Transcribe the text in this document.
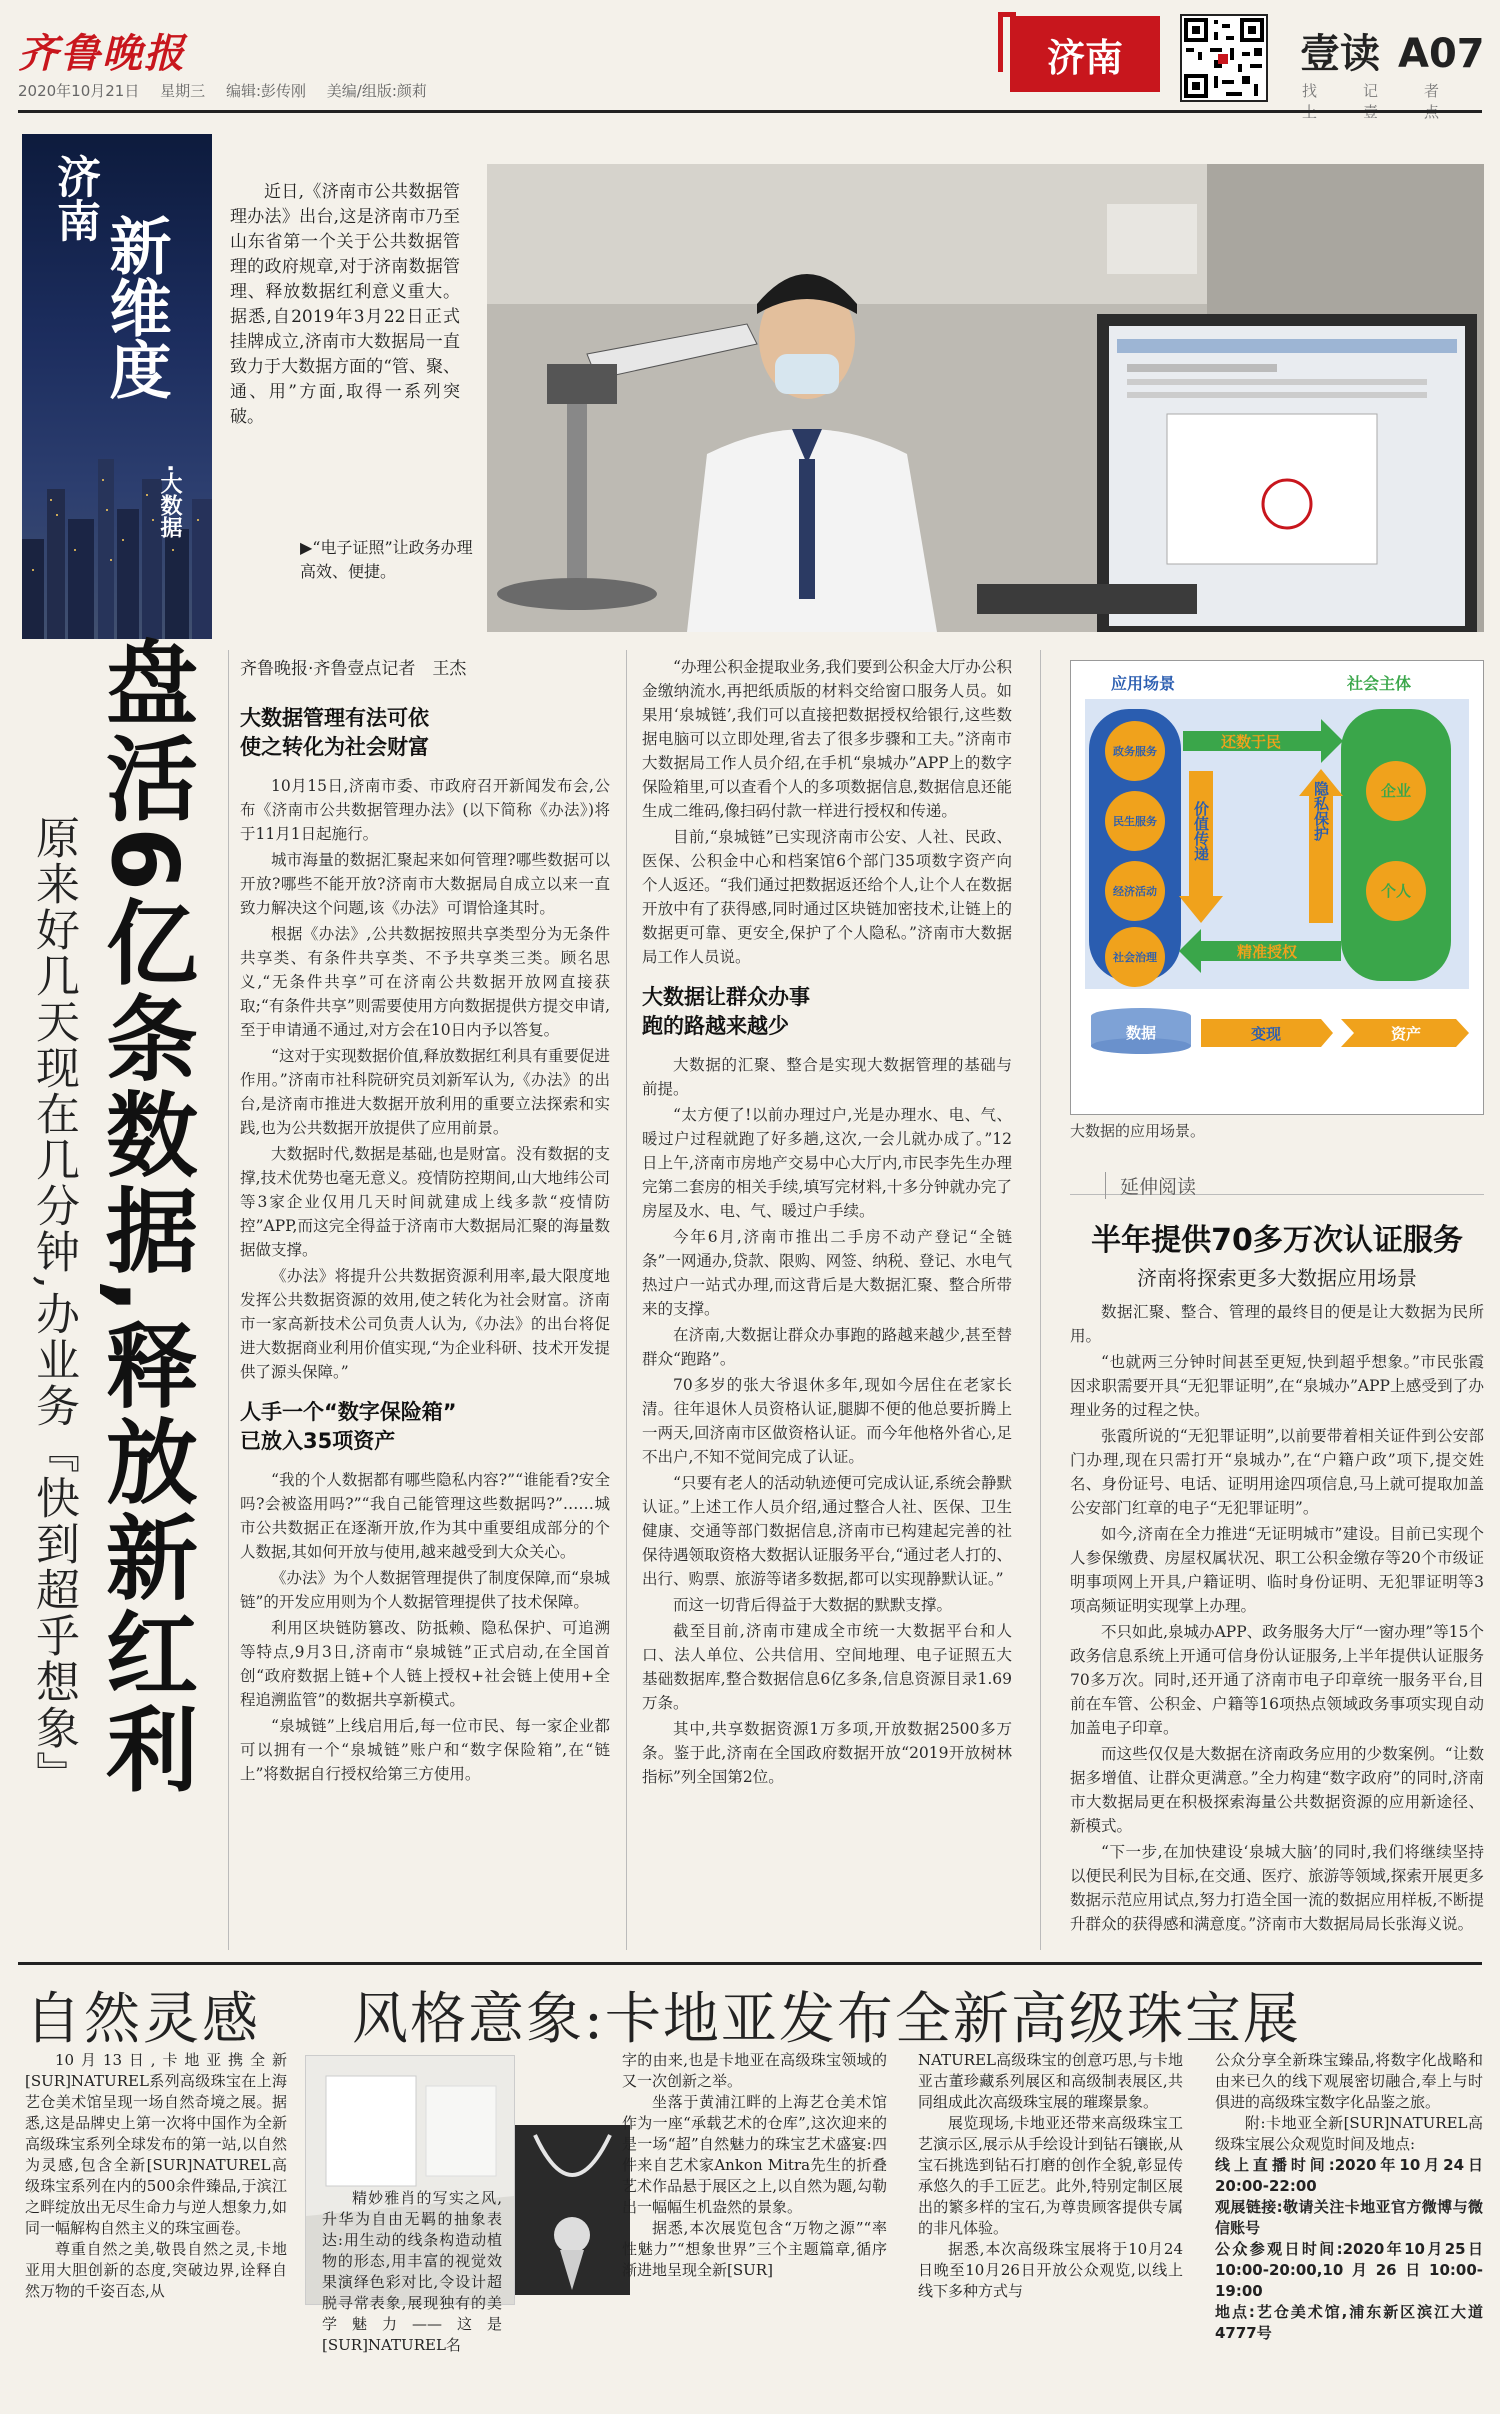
齐鲁晚报
2020年10月21日 星期三 编辑:彭传刚 美编/组版:颜莉
济南	壹读 A07
找	记	者
济南
新维度
·大数据

近日,《济南市公共数据管理办法》出台,这是济南市乃至山东省第一个关于公共数据管理的政府规章,对于济南数据管理、释放数据红利意义重大。据悉,自2019年3月22日正式挂牌成立,济南市大数据局一直致力于大数据方面的“管、聚、通、用”方面,取得一系列突破。

▶“电子证照”让政务办理高效、便捷。
盘活6亿条数据,释放新红利
原来好几天现在几分钟,办业务『快到超乎想象』
齐鲁晚报·齐鲁壹点记者　王杰
大数据管理有法可依
使之转化为社会财富

10月15日,济南市委、市政府召开新闻发布会,公布《济南市公共数据管理办法》(以下简称《办法》)将于11月1日起施行。

城市海量的数据汇聚起来如何管理?哪些数据可以开放?哪些不能开放?济南市大数据局自成立以来一直致力解决这个问题,该《办法》可谓恰逢其时。

根据《办法》,公共数据按照共享类型分为无条件共享类、有条件共享类、不予共享类三类。顾名思义,“无条件共享”可在济南公共数据开放网直接获取;“有条件共享”则需要使用方向数据提供方提交申请,至于申请通不通过,对方会在10日内予以答复。

“这对于实现数据价值,释放数据红利具有重要促进作用。”济南市社科院研究员刘新军认为,《办法》的出台,是济南市推进大数据开放利用的重要立法探索和实践,也为公共数据开放提供了应用前景。

大数据时代,数据是基础,也是财富。没有数据的支撑,技术优势也毫无意义。疫情防控期间,山大地纬公司等3家企业仅用几天时间就建成上线多款“疫情防控”APP,而这完全得益于济南市大数据局汇聚的海量数据做支撑。

《办法》将提升公共数据资源利用率,最大限度地发挥公共数据资源的效用,使之转化为社会财富。济南市一家高新技术公司负责人认为,《办法》的出台将促进大数据商业利用价值实现,“为企业科研、技术开发提供了源头保障。”

人手一个“数字保险箱”
已放入35项资产

“我的个人数据都有哪些隐私内容?”“谁能看?安全吗?会被盗用吗?”“我自己能管理这些数据吗?”……城市公共数据正在逐渐开放,作为其中重要组成部分的个人数据,其如何开放与使用,越来越受到大众关心。

《办法》为个人数据管理提供了制度保障,而“泉城链”的开发应用则为个人数据管理提供了技术保障。

利用区块链防篡改、防抵赖、隐私保护、可追溯等特点,9月3日,济南市“泉城链”正式启动,在全国首创“政府数据上链+个人链上授权+社会链上使用+全程追溯监管”的数据共享新模式。

“泉城链”上线启用后,每一位市民、每一家企业都可以拥有一个“泉城链”账户和“数字保险箱”,在“链上”将数据自行授权给第三方使用。

“办理公积金提取业务,我们要到公积金大厅办公积金缴纳流水,再把纸质版的材料交给窗口服务人员。如果用‘泉城链’,我们可以直接把数据授权给银行,这些数据电脑可以立即处理,省去了很多步骤和工夫。”济南市大数据局工作人员介绍,在手机“泉城办”APP上的数字保险箱里,可以查看个人的多项数据信息,数据信息还能生成二维码,像扫码付款一样进行授权和传递。

目前,“泉城链”已实现济南市公安、人社、民政、医保、公积金中心和档案馆6个部门35项数字资产向个人返还。“我们通过把数据返还给个人,让个人在数据开放中有了获得感,同时通过区块链加密技术,让链上的数据更可靠、更安全,保护了个人隐私。”济南市大数据局工作人员说。

大数据让群众办事
跑的路越来越少

大数据的汇聚、整合是实现大数据管理的基础与前提。

“太方便了!以前办理过户,光是办理水、电、气、暖过户过程就跑了好多趟,这次,一会儿就办成了。”12日上午,济南市房地产交易中心大厅内,市民李先生办理完第二套房的相关手续,填写完材料,十多分钟就办完了房屋及水、电、气、暖过户手续。

今年6月,济南市推出二手房不动产登记“全链条”一网通办,贷款、限购、网签、纳税、登记、水电气热过户一站式办理,而这背后是大数据汇聚、整合所带来的支撑。

在济南,大数据让群众办事跑的路越来越少,甚至替群众“跑路”。

70多岁的张大爷退休多年,现如今居住在老家长清。往年退休人员资格认证,腿脚不便的他总要折腾上一两天,回济南市区做资格认证。而今年他格外省心,足不出户,不知不觉间完成了认证。

“只要有老人的活动轨迹便可完成认证,系统会静默认证。”上述工作人员介绍,通过整合人社、医保、卫生健康、交通等部门数据信息,济南市已构建起完善的社保待遇领取资格大数据认证服务平台,“通过老人打的、出行、购票、旅游等诸多数据,都可以实现静默认证。”

而这一切背后得益于大数据的默默支撑。

截至目前,济南市建成全市统一大数据平台和人口、法人单位、公共信用、空间地理、电子证照五大基础数据库,整合数据信息6亿多条,信息资源目录1.69万条。

其中,共享数据资源1万多项,开放数据2500多万条。鉴于此,济南在全国政府数据开放“2019开放树林指标”列全国第2位。

应用场景	社会主体
政务服务
民生服务
经济活动
社会治理
企业
个人
还数于民
精准授权
价值传递	隐私保护
数据	变现	资产
大数据的应用场景。
延伸阅读
半年提供70多万次认证服务
济南将探索更多大数据应用场景

数据汇聚、整合、管理的最终目的便是让大数据为民所用。

“也就两三分钟时间甚至更短,快到超乎想象。”市民张霞因求职需要开具“无犯罪证明”,在“泉城办”APP上感受到了办理业务的过程之快。

张霞所说的“无犯罪证明”,以前要带着相关证件到公安部门办理,现在只需打开“泉城办”,在“户籍户政”项下,提交姓名、身份证号、电话、证明用途四项信息,马上就可提取加盖公安部门红章的电子“无犯罪证明”。

如今,济南在全力推进“无证明城市”建设。目前已实现个人参保缴费、房屋权属状况、职工公积金缴存等20个市级证明事项网上开具,户籍证明、临时身份证明、无犯罪证明等3项高频证明实现掌上办理。

不只如此,泉城办APP、政务服务大厅“一窗办理”等15个政务信息系统上开通可信身份认证服务,上半年提供认证服务70多万次。同时,还开通了济南市电子印章统一服务平台,目前在车管、公积金、户籍等16项热点领域政务事项实现自动加盖电子印章。

而这些仅仅是大数据在济南政务应用的少数案例。“让数据多增值、让群众更满意。”全力构建“数字政府”的同时,济南市大数据局更在积极探索海量公共数据资源的应用新途径、新模式。

“下一步,在加快建设‘泉城大脑’的同时,我们将继续坚持以便民利民为目标,在交通、医疗、旅游等领域,探索开展更多数据示范应用试点,努力打造全国一流的数据应用样板,不断提升群众的获得感和满意度。”济南市大数据局局长张海义说。

自然灵感 风格意象:卡地亚发布全新高级珠宝展

10月13日,卡地亚携全新[SUR]NATUREL系列高级珠宝在上海艺仓美术馆呈现一场自然奇境之展。据悉,这是品牌史上第一次将中国作为全新高级珠宝系列全球发布的第一站,以自然为灵感,包含全新[SUR]NATUREL高级珠宝系列在内的500余件臻品,于滨江之畔绽放出无尽生命力与逆人想象力,如同一幅解构自然主义的珠宝画卷。

尊重自然之美,敬畏自然之灵,卡地亚用大胆创新的态度,突破边界,诠释自然万物的千姿百态,从

精妙雅肖的写实之风,升华为自由无羁的抽象表达:用生动的线条构造动植物的形态,用丰富的视觉效果演绎色彩对比,令设计超脱寻常表象,展现独有的美学魅力——这是[SUR]NATUREL名

字的由来,也是卡地亚在高级珠宝领域的又一次创新之举。

坐落于黄浦江畔的上海艺仓美术馆作为一座“承载艺术的仓库”,这次迎来的是一场“超”自然魅力的珠宝艺术盛宴:四件来自艺术家Ankon Mitra先生的折叠艺术作品悬于展区之上,以自然为题,勾勒出一幅幅生机盎然的景象。

据悉,本次展览包含“万物之源”“率性魅力”“想象世界”三个主题篇章,循序渐进地呈现全新[SUR]

NATUREL高级珠宝的创意巧思,与卡地亚古董珍藏系列展区和高级制表展区,共同组成此次高级珠宝展的璀璨景象。

展览现场,卡地亚还带来高级珠宝工艺演示区,展示从手绘设计到钻石镶嵌,从宝石挑选到钻石打磨的创作全貌,彰显传承悠久的手工匠艺。此外,特别定制区展出的繁多样的宝石,为尊贵顾客提供专属的非凡体验。

据悉,本次高级珠宝展将于10月24日晚至10月26日开放公众观览,以线上线下多种方式与

公众分享全新珠宝臻品,将数字化战略和由来已久的线下观展密切融合,奉上与时俱进的高级珠宝数字化品鉴之旅。

附:卡地亚全新[SUR]NATUREL高级珠宝展公众观览时间及地点:

线上直播时间:2020年10月24日 20:00-22:00

观展链接:敬请关注卡地亚官方微博与微信账号

公众参观日时间:2020年10月25日 10:00-20:00,10月26日10:00-19:00

地点:艺仓美术馆,浦东新区滨江大道4777号
